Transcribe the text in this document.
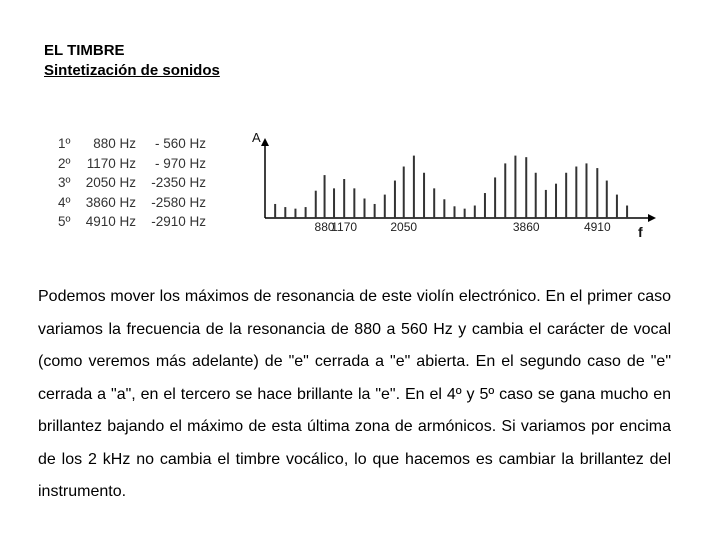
EL TIMBRE
Sintetización de sonidos
1º	880 Hz	- 560 Hz
2º	1170 Hz	- 970 Hz
3º	2050 Hz	-2350 Hz
4º	3860 Hz	-2580 Hz
5º	4910 Hz	-2910 Hz
A
f
880
1170	2050	3860	4910
Podemos mover los máximos de resonancia de este violín electrónico. En el primer caso variamos la frecuencia de la resonancia de 880 a 560 Hz y cambia el carácter de vocal (como veremos más adelante) de "e" cerrada a "e" abierta. En el segundo caso de "e" cerrada a "a", en el tercero se hace brillante la "e". En el 4º y 5º caso se gana mucho en brillantez bajando el máximo de esta última zona de armónicos. Si variamos por encima de los 2 kHz no cambia el timbre vocálico, lo que hacemos es cambiar la brillantez del instrumento.
